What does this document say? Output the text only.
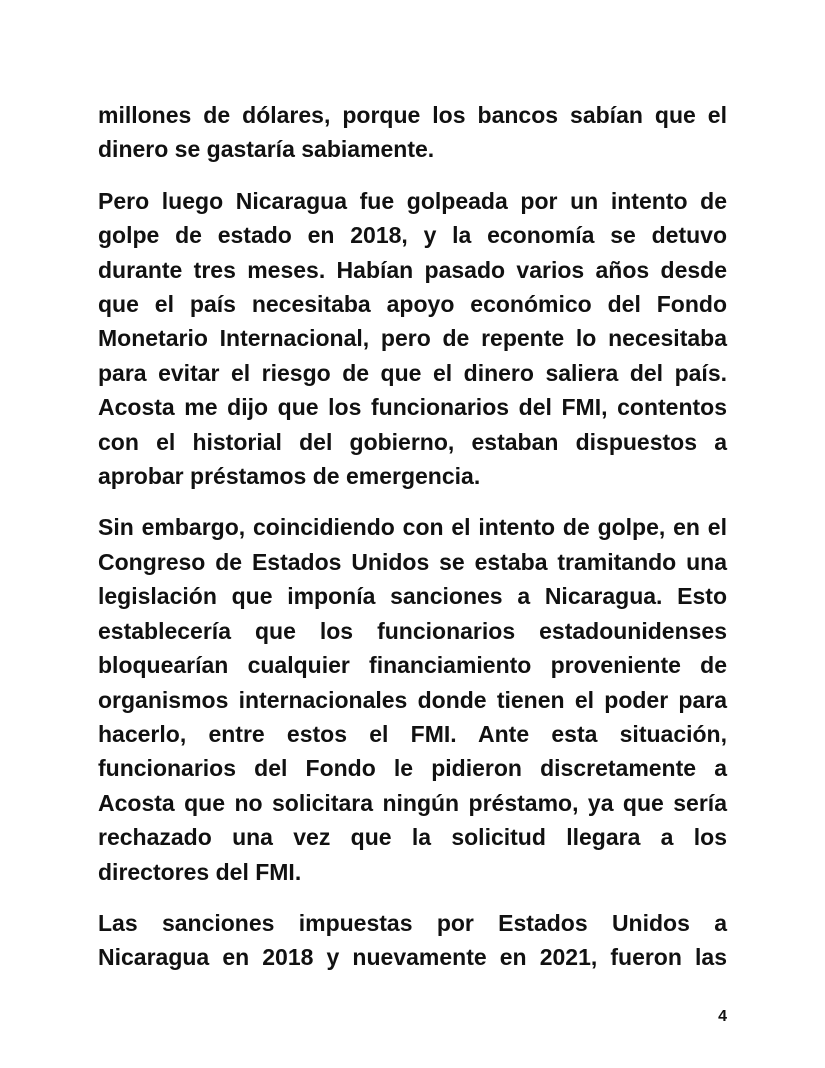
millones de dólares, porque los bancos sabían que el
dinero se gastaría sabiamente.

Pero luego Nicaragua fue golpeada por un intento de
golpe de estado en 2018, y la economía se detuvo
durante tres meses. Habían pasado varios años desde
que el país necesitaba apoyo económico del Fondo
Monetario Internacional, pero de repente lo necesitaba
para evitar el riesgo de que el dinero saliera del país.
Acosta me dijo que los funcionarios del FMI, contentos
con el historial del gobierno, estaban dispuestos a
aprobar préstamos de emergencia.

Sin embargo, coincidiendo con el intento de golpe, en el
Congreso de Estados Unidos se estaba tramitando una
legislación que imponía sanciones a Nicaragua. Esto
establecería que los funcionarios estadounidenses
bloquearían cualquier financiamiento proveniente de
organismos internacionales donde tienen el poder para
hacerlo, entre estos el FMI. Ante esta situación,
funcionarios del Fondo le pidieron discretamente a
Acosta que no solicitara ningún préstamo, ya que sería
rechazado una vez que la solicitud llegara a los
directores del FMI.

Las sanciones impuestas por Estados Unidos a
Nicaragua en 2018 y nuevamente en 2021, fueron las

4
